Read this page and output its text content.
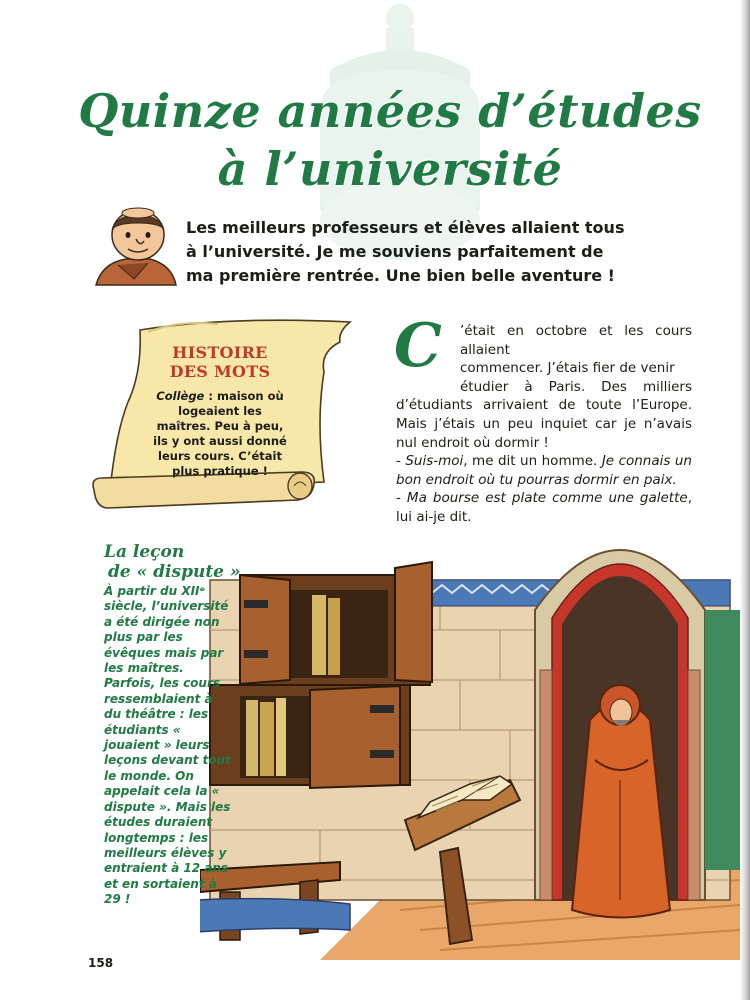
Quinze années d’études
à l’université

Les meilleurs professeurs et élèves allaient tous à l’université. Je me souviens parfaitement de ma première rentrée. Une bien belle aventure !

HISTOIRE
DES MOTS
Collège : maison où logeaient les maîtres. Peu à peu, ils y ont aussi donné leurs cours. C’était plus pratique !
C	’était en octobre et les cours allaient
commencer. J’étais fier de venir
étudier à Paris. Des milliers d’étudiants arrivaient de toute l’Europe. Mais j’étais un peu inquiet car je n’avais nul endroit où dormir !
- Suis-moi, me dit un homme. Je connais un bon endroit où tu pourras dormir en paix.
- Ma bourse est plate comme une galette, lui ai-je dit.
La leçon
de « dispute »

À partir du XIIᵉ siècle, l’université a été dirigée non plus par les évêques mais par les maîtres. Parfois, les cours ressemblaient à du théâtre : les étudiants « jouaient » leurs leçons devant tout le monde. On appelait cela la « dispute ». Mais les études duraient longtemps : les meilleurs élèves y entraient à 12 ans et en sortaient à 29 !

158
